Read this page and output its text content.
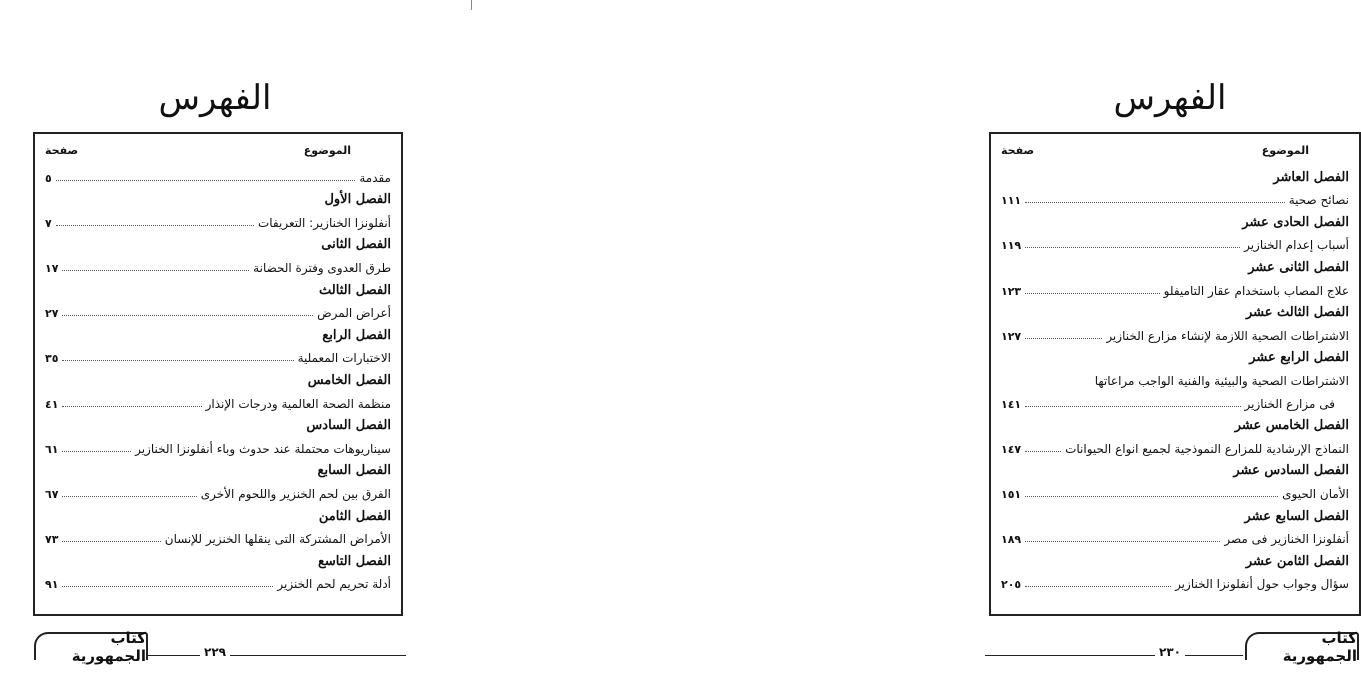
الفهرس
الموضوع
صفحة
مقدمة
٥
الفصل الأول
أنفلونزا الخنازير: التعريفات
٧
الفصل الثانى
طرق العدوى وفترة الحضانة
١٧
الفصل الثالث
أعراض المرض
٢٧
الفصل الرابع
الاختبارات المعملية
٣٥
الفصل الخامس
منظمة الصحة العالمية ودرجات الإنذار
٤١
الفصل السادس
سيناريوهات محتملة عند حدوث وباء أنفلونزا الخنازير
٦١
الفصل السابع
الفرق بين لحم الخنزير واللحوم الأخرى
٦٧
الفصل الثامن
الأمراض المشتركة التى ينقلها الخنزير للإنسان
٧٣
الفصل التاسع
أدلة تحريم لحم الخنزير
٩١
٢٢٩
كتاب الجمهورية
الفهرس
الموضوع
صفحة
الفصل العاشر
نصائح صحية
١١١
الفصل الحادى عشر
أسباب إعدام الخنازير
١١٩
الفصل الثانى عشر
علاج المصاب باستخدام عقار التاميفلو
١٢٣
الفصل الثالث عشر
الاشتراطات الصحية اللازمة لإنشاء مزارع الخنازير
١٢٧
الفصل الرابع عشر
الاشتراطات الصحية والبيئية والفنية الواجب مراعاتها
فى مزارع الخنازير
١٤١
الفصل الخامس عشر
النماذج الإرشادية للمزارع النموذجية لجميع انواع الحيوانات
١٤٧
الفصل السادس عشر
الأمان الحيوى
١٥١
الفصل السابع عشر
أنفلونزا الخنازير فى مصر
١٨٩
الفصل الثامن عشر
سؤال وجواب حول أنفلونزا الخنازير
٢٠٥
٢٣٠
كتاب الجمهورية
